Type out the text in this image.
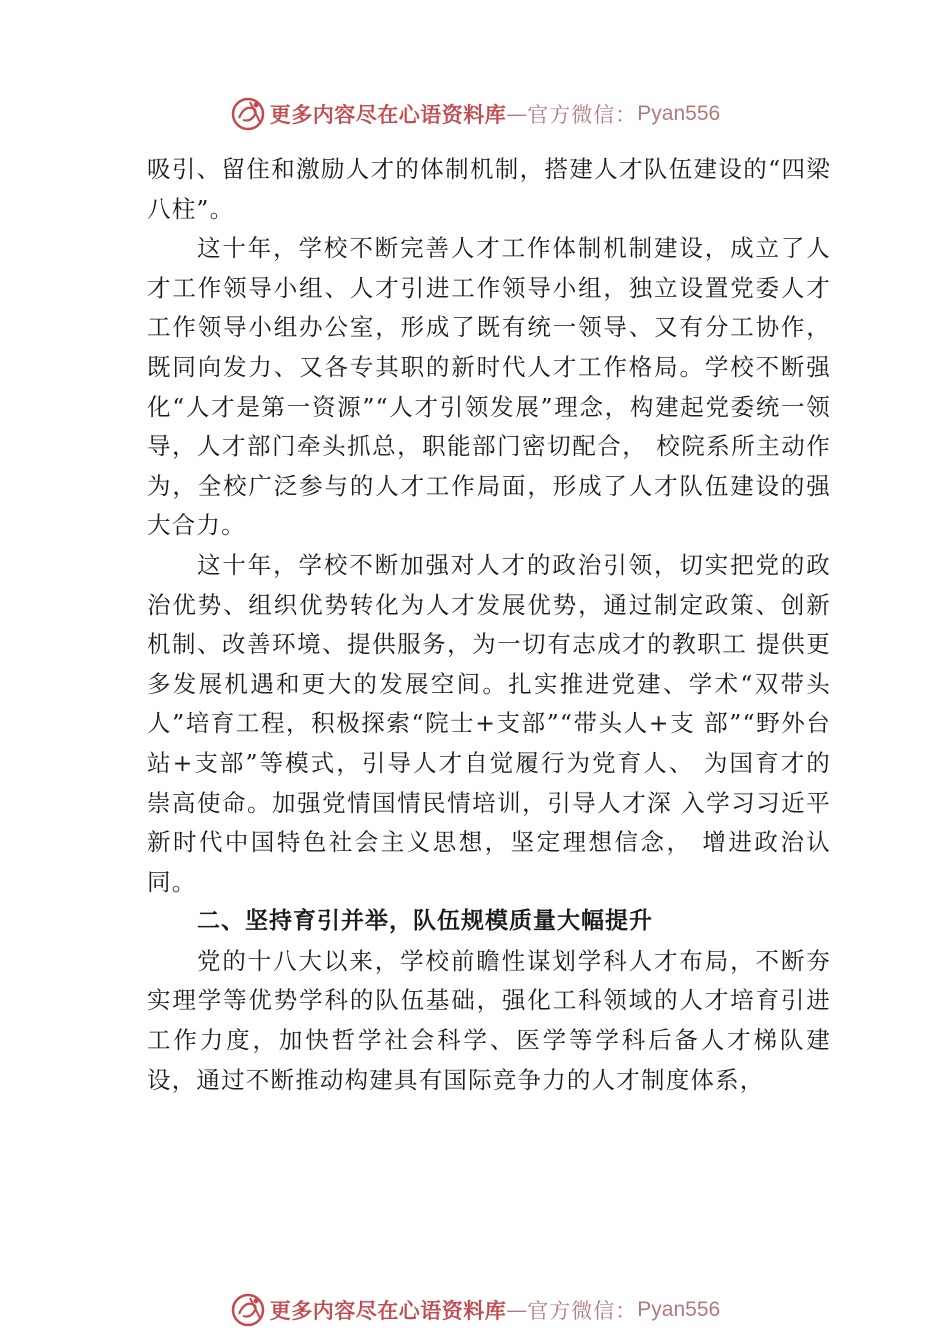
更多内容尽在心语资料库 — 官方微信： Pyan556

吸引、留住和激励人才的体制机制，搭建人才队伍建设的“四梁八柱”。

这十年，学校不断完善人才工作体制机制建设，成立了人才工作领导小组、人才引进工作领导小组，独立设置党委人才工作领导小组办公室，形成了既有统一领导、又有分工协作，既同向发力、又各专其职的新时代人才工作格局。学校不断强化“人才是第一资源”“人才引领发展”理念，构建起党委统一领导，人才部门牵头抓总，职能部门密切配合， 校院系所主动作为，全校广泛参与的人才工作局面，形成了人才队伍建设的强大合力。

这十年，学校不断加强对人才的政治引领，切实把党的政治优势、组织优势转化为人才发展优势，通过制定政策、创新机制、改善环境、提供服务，为一切有志成才的教职工 提供更多发展机遇和更大的发展空间。扎实推进党建、学术“双带头人”培育工程，积极探索“院士+支部”“带头人+支 部”“野外台站+支部”等模式，引导人才自觉履行为党育人、 为国育才的崇高使命。加强党情国情民情培训，引导人才深 入学习习近平新时代中国特色社会主义思想，坚定理想信念， 增进政治认同。

二、坚持育引并举，队伍规模质量大幅提升

党的十八大以来，学校前瞻性谋划学科人才布局，不断夯实理学等优势学科的队伍基础，强化工科领域的人才培育引进工作力度，加快哲学社会科学、医学等学科后备人才梯队建设，通过不断推动构建具有国际竞争力的人才制度体系，

更多内容尽在心语资料库 — 官方微信： Pyan556
